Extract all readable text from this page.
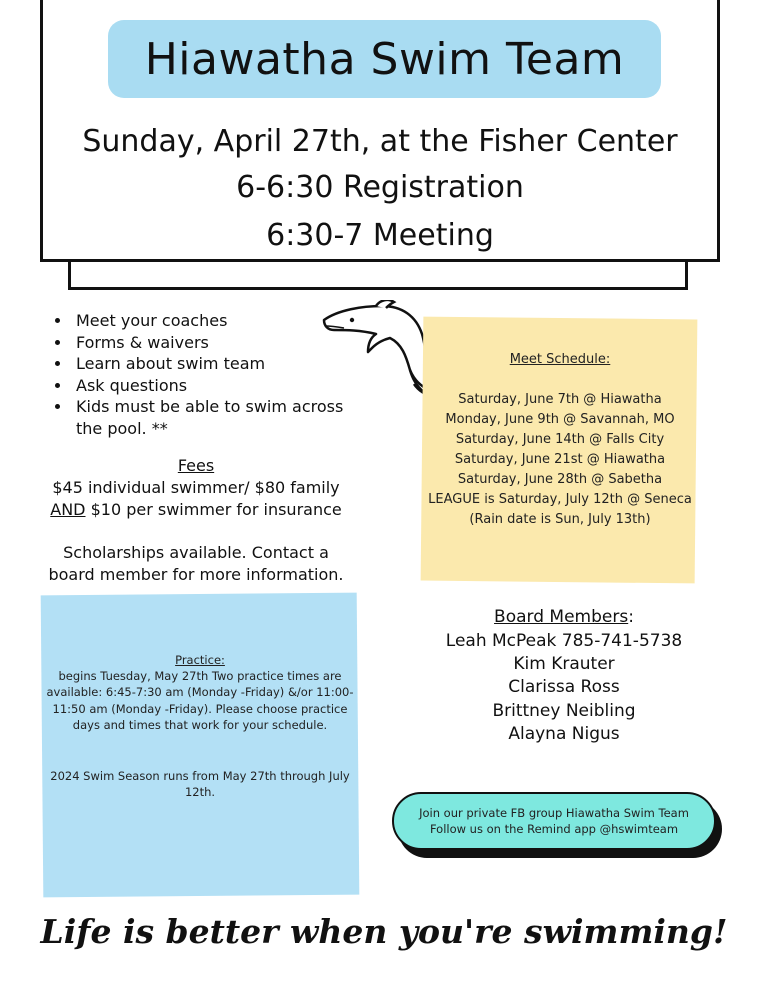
Hiawatha Swim Team
Sunday, April 27th, at the Fisher Center
6-6:30 Registration
6:30-7 Meeting
• Meet your coaches
• Forms & waivers
• Learn about swim team
• Ask questions
• Kids must be able to swim across the pool. **
Fees
$45 individual swimmer/ $80 family
AND $10 per swimmer for insurance
Scholarships available. Contact a board member for more information.
Meet Schedule:
Saturday, June 7th @ Hiawatha
Monday, June 9th @ Savannah, MO
Saturday, June 14th @ Falls City
Saturday, June 21st @ Hiawatha
Saturday, June 28th @ Sabetha
LEAGUE is Saturday, July 12th @ Seneca
(Rain date is Sun, July 13th)
Practice:
begins Tuesday, May 27th Two practice times are available: 6:45-7:30 am (Monday -Friday) &/or 11:00-11:50 am (Monday -Friday). Please choose practice days and times that work for your schedule.
2024 Swim Season runs from May 27th through July 12th.
Board Members:
Leah McPeak 785-741-5738
Kim Krauter
Clarissa Ross
Brittney Neibling
Alayna Nigus
Join our private FB group Hiawatha Swim Team
Follow us on the Remind app @hswimteam
Life is better when you're swimming!
